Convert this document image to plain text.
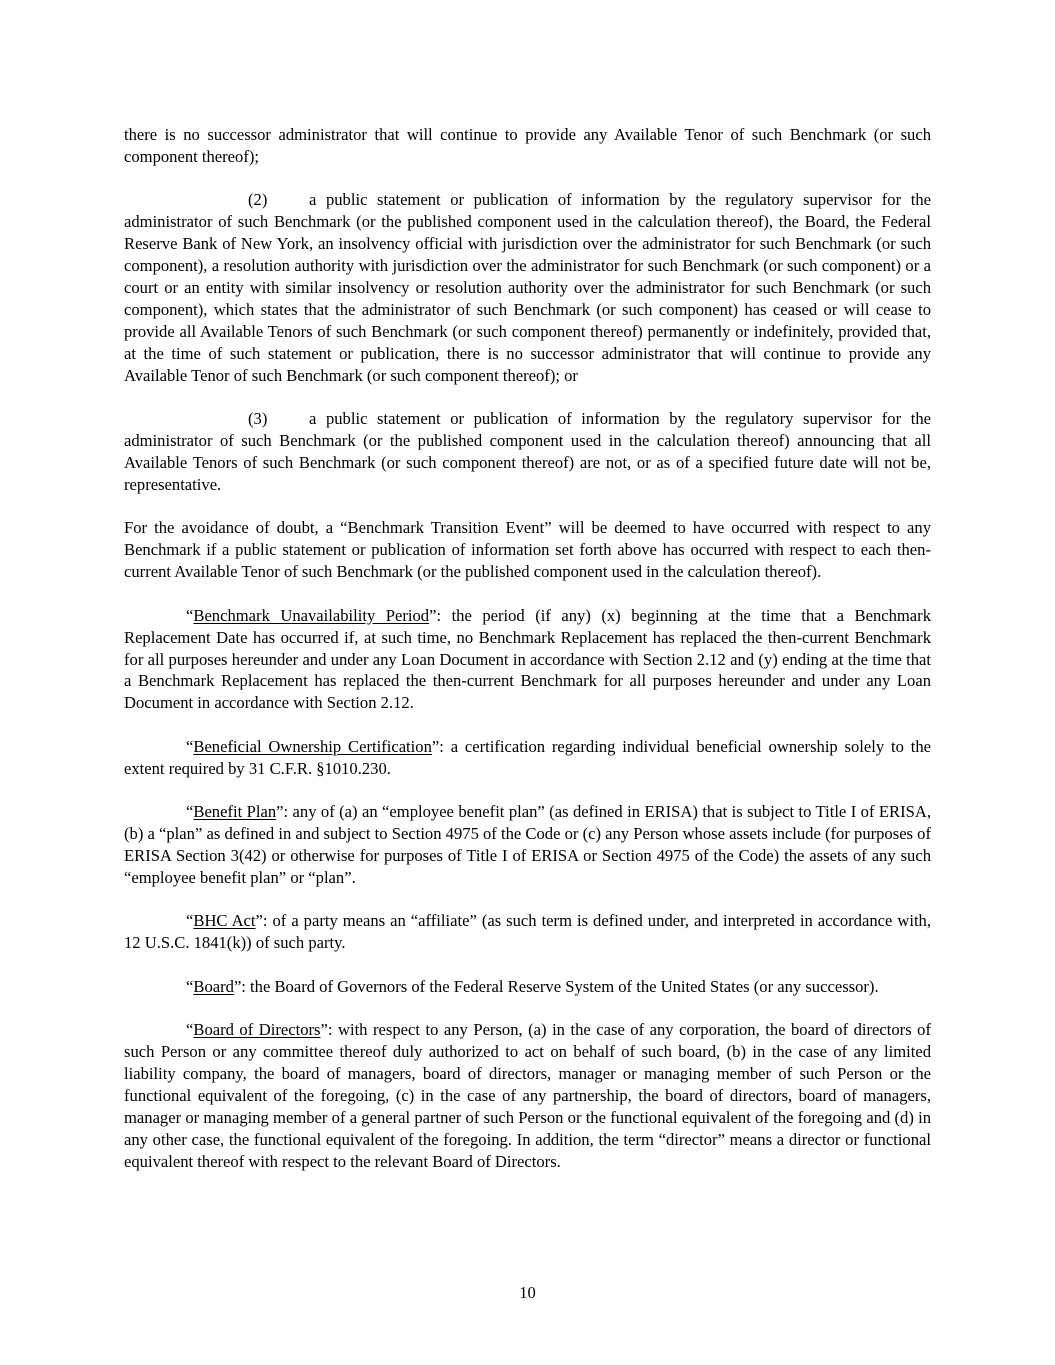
there is no successor administrator that will continue to provide any Available Tenor of such Benchmark (or such component thereof);

(2)	a public statement or publication of information by the regulatory supervisor for the administrator of such Benchmark (or the published component used in the calculation thereof), the Board, the Federal Reserve Bank of New York, an insolvency official with jurisdiction over the administrator for such Benchmark (or such component), a resolution authority with jurisdiction over the administrator for such Benchmark (or such component) or a court or an entity with similar insolvency or resolution authority over the administrator for such Benchmark (or such component), which states that the administrator of such Benchmark (or such component) has ceased or will cease to provide all Available Tenors of such Benchmark (or such component thereof) permanently or indefinitely, provided that, at the time of such statement or publication, there is no successor administrator that will continue to provide any Available Tenor of such Benchmark (or such component thereof); or

(3)	a public statement or publication of information by the regulatory supervisor for the administrator of such Benchmark (or the published component used in the calculation thereof) announcing that all Available Tenors of such Benchmark (or such component thereof) are not, or as of a specified future date will not be, representative.

For the avoidance of doubt, a “Benchmark Transition Event” will be deemed to have occurred with respect to any Benchmark if a public statement or publication of information set forth above has occurred with respect to each then-current Available Tenor of such Benchmark (or the published component used in the calculation thereof).

“Benchmark Unavailability Period”: the period (if any) (x) beginning at the time that a Benchmark Replacement Date has occurred if, at such time, no Benchmark Replacement has replaced the then-current Benchmark for all purposes hereunder and under any Loan Document in accordance with Section 2.12 and (y) ending at the time that a Benchmark Replacement has replaced the then-current Benchmark for all purposes hereunder and under any Loan Document in accordance with Section 2.12.

“Beneficial Ownership Certification”: a certification regarding individual beneficial ownership solely to the extent required by 31 C.F.R. §1010.230.

“Benefit Plan”: any of (a) an “employee benefit plan” (as defined in ERISA) that is subject to Title I of ERISA, (b) a “plan” as defined in and subject to Section 4975 of the Code or (c) any Person whose assets include (for purposes of ERISA Section 3(42) or otherwise for purposes of Title I of ERISA or Section 4975 of the Code) the assets of any such “employee benefit plan” or “plan”.

“BHC Act”: of a party means an “affiliate” (as such term is defined under, and interpreted in accordance with, 12 U.S.C. 1841(k)) of such party.

“Board”: the Board of Governors of the Federal Reserve System of the United States (or any successor).

“Board of Directors”: with respect to any Person, (a) in the case of any corporation, the board of directors of such Person or any committee thereof duly authorized to act on behalf of such board, (b) in the case of any limited liability company, the board of managers, board of directors, manager or managing member of such Person or the functional equivalent of the foregoing, (c) in the case of any partnership, the board of directors, board of managers, manager or managing member of a general partner of such Person or the functional equivalent of the foregoing and (d) in any other case, the functional equivalent of the foregoing. In addition, the term “director” means a director or functional equivalent thereof with respect to the relevant Board of Directors.

10
